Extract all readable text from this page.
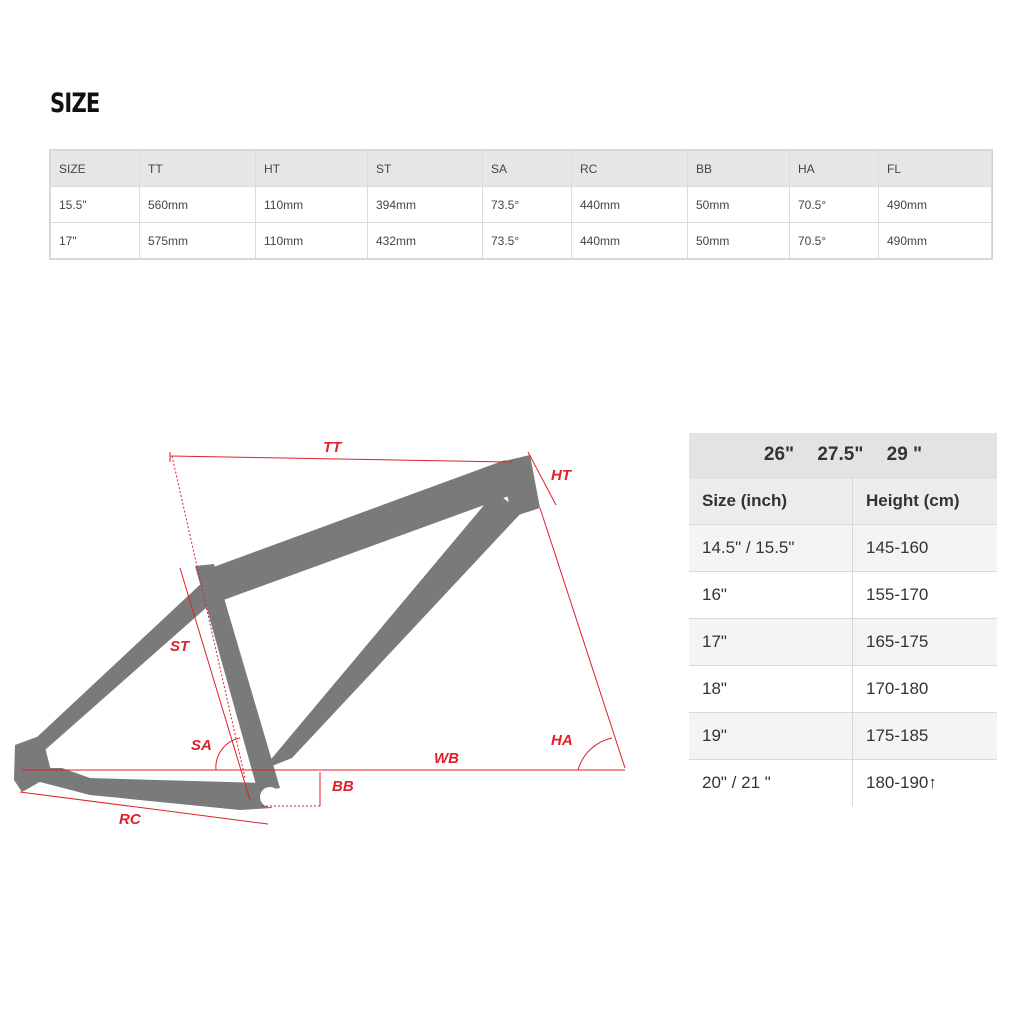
SIZE
SIZE	TT	HT	ST	SA	RC	BB	HA	FL
15.5"	560mm	110mm	394mm	73.5°	440mm	50mm	70.5°	490mm
17"	575mm	110mm	432mm	73.5°	440mm	50mm	70.5°	490mm
TT
HT
ST
SA
WB
HA
BB
RC
26" 27.5" 29 "	
Size (inch)	Height (cm)
14.5" / 15.5"	145-160
16"	155-170
17"	165-175
18"	170-180
19"	175-185
20" / 21 "	180-190↑
